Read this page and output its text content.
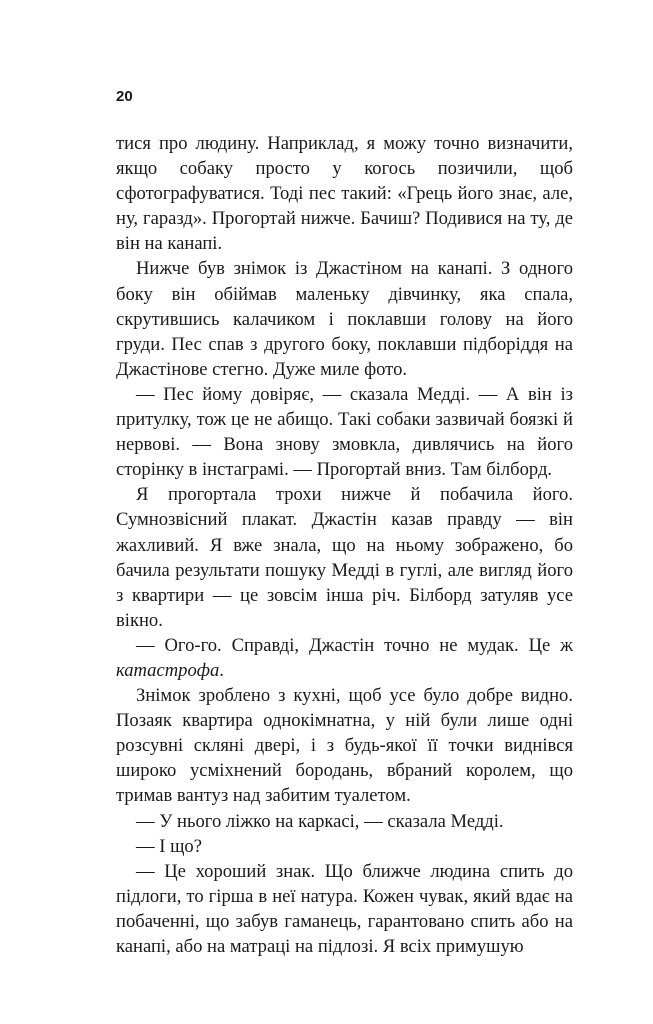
20

тися про людину. Наприклад, я можу точно визначити, якщо собаку просто у когось позичили, щоб сфотографуватися. Тоді пес такий: «Грець його знає, але, ну, гаразд». Прогортай нижче. Бачиш? Подивися на ту, де він на канапі.

Нижче був знімок із Джастіном на канапі. З одного боку він обіймав маленьку дівчинку, яка спала, скрутившись калачиком і поклавши голову на його груди. Пес спав з другого боку, поклавши підборіддя на Джастінове стегно. Дуже миле фото.

— Пес йому довіряє, — сказала Медді. — А він із притулку, тож це не абищо. Такі собаки зазвичай боязкі й нервові. — Вона знову змовкла, дивлячись на його сторінку в інстаграмі. — Прогортай вниз. Там білборд.

Я прогортала трохи нижче й побачила його. Сумнозвісний плакат. Джастін казав правду — він жахливий. Я вже знала, що на ньому зображено, бо бачила результати пошуку Медді в гуглі, але вигляд його з квартири — це зовсім інша річ. Білборд затуляв усе вікно.

— Ого-го. Справді, Джастін точно не мудак. Це ж катастрофа.

Знімок зроблено з кухні, щоб усе було добре видно. Позаяк квартира однокімнатна, у ній були лише одні розсувні скляні двері, і з будь-якої її точки виднівся широко усміхнений бородань, вбраний королем, що тримав вантуз над забитим туалетом.

— У нього ліжко на каркасі, — сказала Медді.

— І що?

— Це хороший знак. Що ближче людина спить до підлоги, то гірша в неї натура. Кожен чувак, який вдає на побаченні, що забув гаманець, гарантовано спить або на канапі, або на матраці на підлозі. Я всіх примушую
